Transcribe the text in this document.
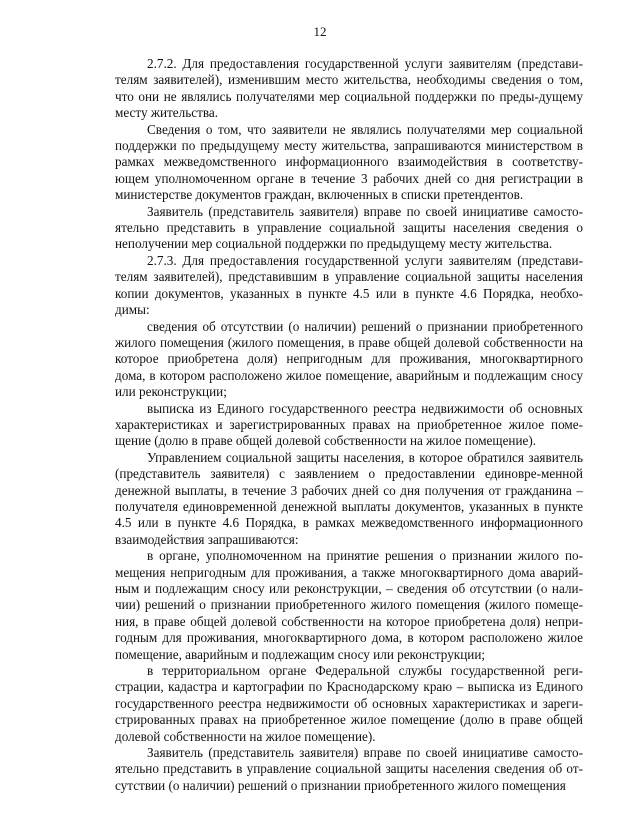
12

2.7.2. Для предоставления государственной услуги заявителям (представи-телям заявителей), изменившим место жительства, необходимы сведения о том, что они не являлись получателями мер социальной поддержки по преды-дущему месту жительства.

Сведения о том, что заявители не являлись получателями мер социальной поддержки по предыдущему месту жительства, запрашиваются министерством в рамках межведомственного информационного взаимодействия в соответству-ющем уполномоченном органе в течение 3 рабочих дней со дня регистрации в министерстве документов граждан, включенных в списки претендентов.

Заявитель (представитель заявителя) вправе по своей инициативе самосто-ятельно представить в управление социальной защиты населения сведения о неполучении мер социальной поддержки по предыдущему месту жительства.

2.7.3. Для предоставления государственной услуги заявителям (представи-телям заявителей), представившим в управление социальной защиты населения копии документов, указанных в пункте 4.5 или в пункте 4.6 Порядка, необхо-димы:

сведения об отсутствии (о наличии) решений о признании приобретенного жилого помещения (жилого помещения, в праве общей долевой собственности на которое приобретена доля) непригодным для проживания, многоквартирного дома, в котором расположено жилое помещение, аварийным и подлежащим сносу или реконструкции;

выписка из Единого государственного реестра недвижимости об основных характеристиках и зарегистрированных правах на приобретенное жилое поме-щение (долю в праве общей долевой собственности на жилое помещение).

Управлением социальной защиты населения, в которое обратился заявитель (представитель заявителя) с заявлением о предоставлении единовре-менной денежной выплаты, в течение 3 рабочих дней со дня получения от гражданина – получателя единовременной денежной выплаты документов, указанных в пункте 4.5 или в пункте 4.6 Порядка, в рамках межведомственного информационного взаимодействия запрашиваются:

в органе, уполномоченном на принятие решения о признании жилого по-мещения непригодным для проживания, а также многоквартирного дома аварий-ным и подлежащим сносу или реконструкции, – сведения об отсутствии (о нали-чии) решений о признании приобретенного жилого помещения (жилого помеще-ния, в праве общей долевой собственности на которое приобретена доля) непри-годным для проживания, многоквартирного дома, в котором расположено жилое помещение, аварийным и подлежащим сносу или реконструкции;

в территориальном органе Федеральной службы государственной реги-страции, кадастра и картографии по Краснодарскому краю – выписка из Единого государственного реестра недвижимости об основных характеристиках и зареги-стрированных правах на приобретенное жилое помещение (долю в праве общей долевой собственности на жилое помещение).

Заявитель (представитель заявителя) вправе по своей инициативе самосто-ятельно представить в управление социальной защиты населения сведения об от-сутствии (о наличии) решений о признании приобретенного жилого помещения
